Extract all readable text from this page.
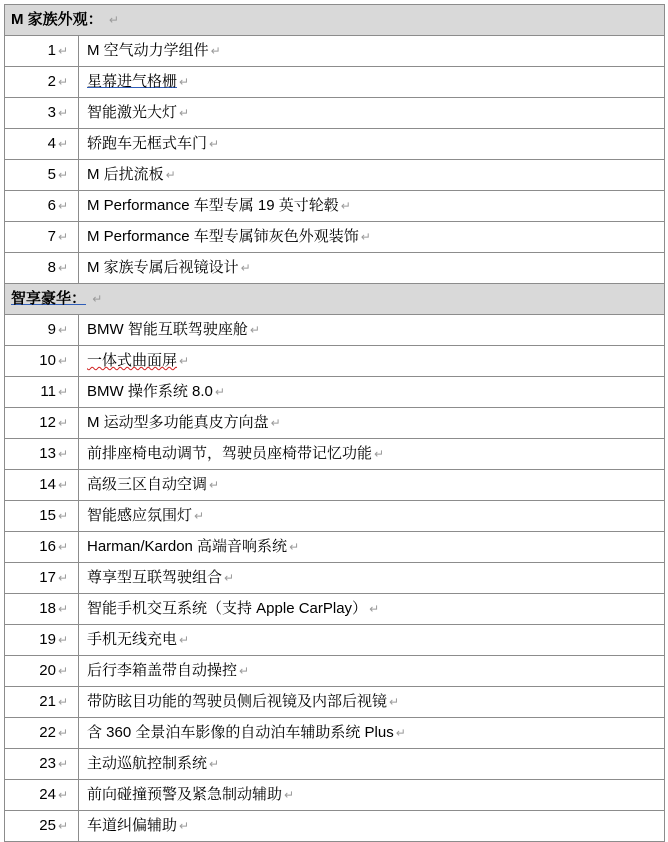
M 家族外观： ↵	
1 ↵	M 空气动力学组件 ↵
2 ↵	星幕进气格栅 ↵
3 ↵	智能激光大灯 ↵
4 ↵	轿跑车无框式车门 ↵
5 ↵	M 后扰流板 ↵
6 ↵	M Performance 车型专属 19 英寸轮毂 ↵
7 ↵	M Performance 车型专属铈灰色外观装饰 ↵
8 ↵	M 家族专属后视镜设计 ↵
智享豪华： ↵	
9 ↵	BMW 智能互联驾驶座舱 ↵
10 ↵	一体式曲面屏 ↵
11 ↵	BMW 操作系统 8.0 ↵
12 ↵	M 运动型多功能真皮方向盘 ↵
13 ↵	前排座椅电动调节，驾驶员座椅带记忆功能 ↵
14 ↵	高级三区自动空调 ↵
15 ↵	智能感应氛围灯 ↵
16 ↵	Harman/Kardon 高端音响系统 ↵
17 ↵	尊享型互联驾驶组合 ↵
18 ↵	智能手机交互系统（支持 Apple CarPlay） ↵
19 ↵	手机无线充电 ↵
20 ↵	后行李箱盖带自动操控 ↵
21 ↵	带防眩目功能的驾驶员侧后视镜及内部后视镜 ↵
22 ↵	含 360 全景泊车影像的自动泊车辅助系统 Plus ↵
23 ↵	主动巡航控制系统 ↵
24 ↵	前向碰撞预警及紧急制动辅助 ↵
25 ↵	车道纠偏辅助 ↵
